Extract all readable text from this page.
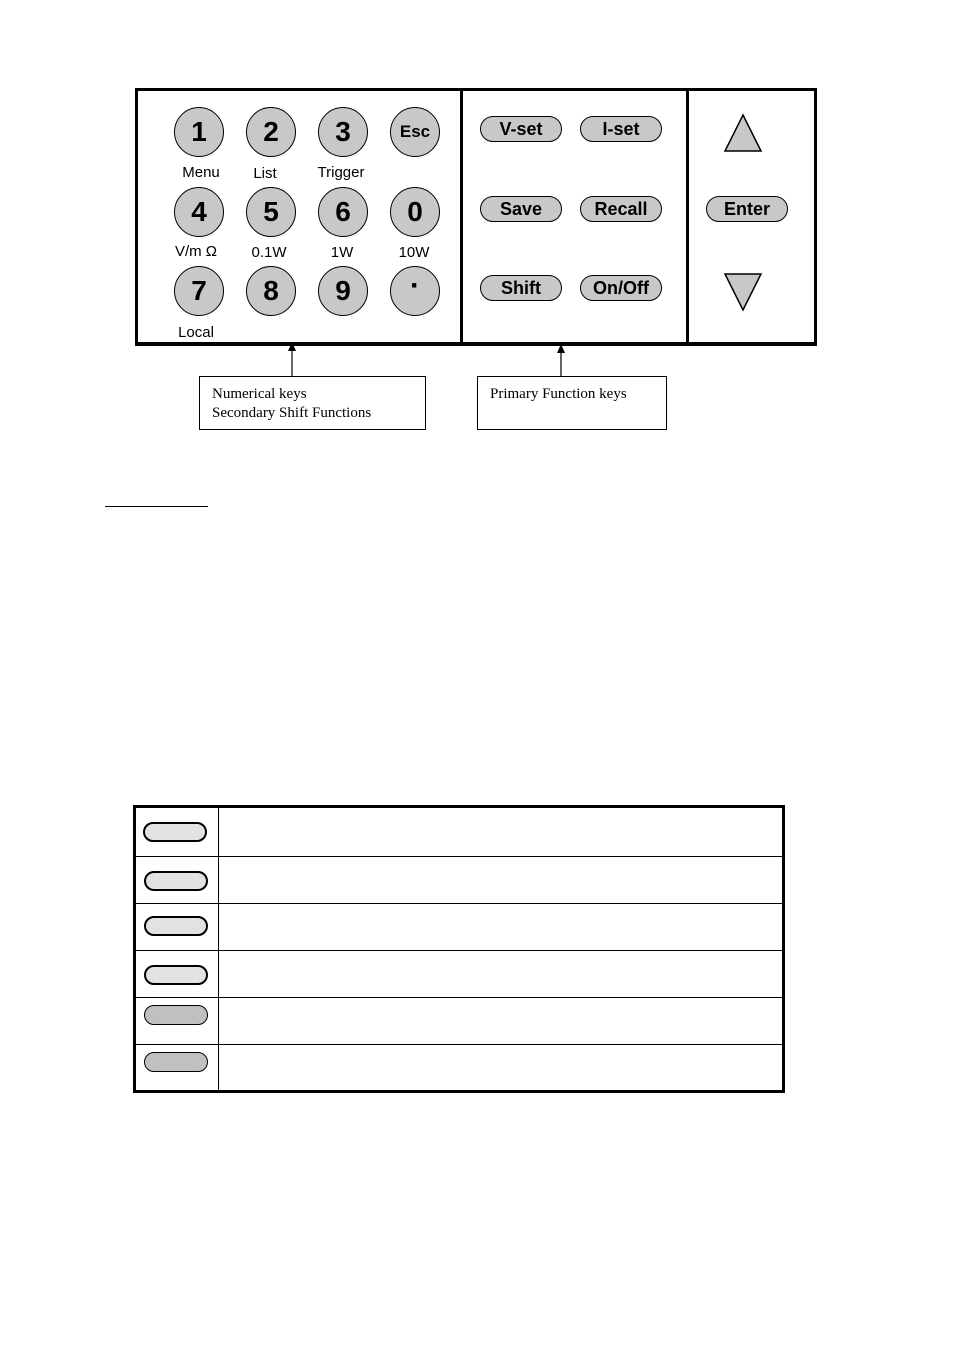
1	2	3	Esc
Menu	List	Trigger
4	5	6	0
V/m Ω	0.1W	1W	10W
7	8	9	·
Local
V-set	I-set
Save	Recall
Shift	On/Off
Enter
Numerical keys
Secondary Shift Functions
Primary Function keys
